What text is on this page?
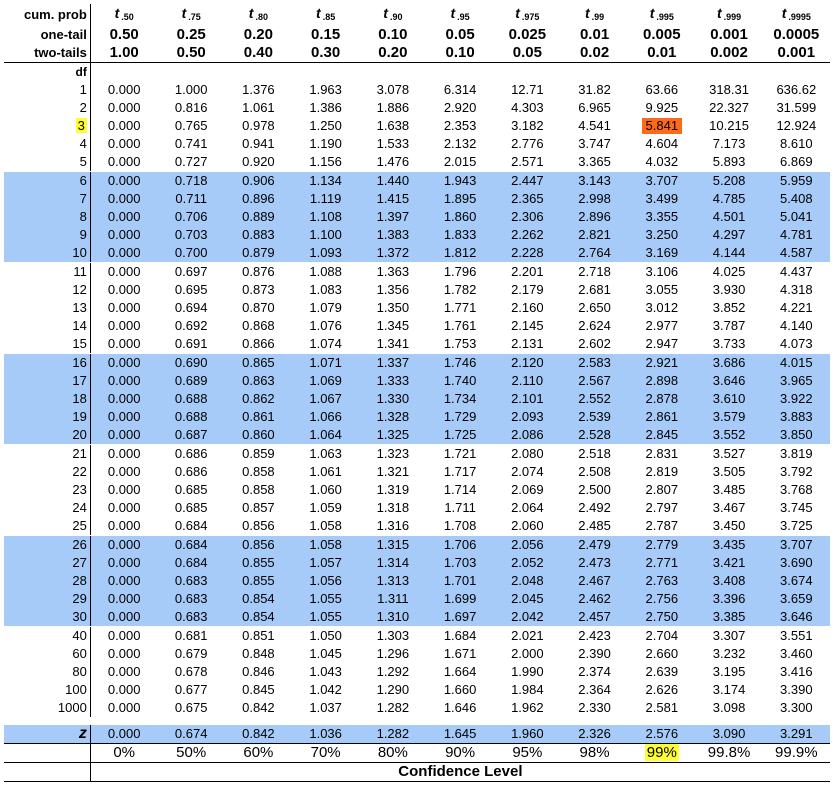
cum. prob	t $_{.50}$	t $_{.75}$	t $_{.80}$	t $_{.85}$	t $_{.90}$	t $_{.95}$	t $_{.975}$	t $_{.99}$	t $_{.995}$	t $_{.999}$	t $_{.9995}$
one-tail	0.50	0.25	0.20	0.15	0.10	0.05	0.025	0.01	0.005	0.001	0.0005
two-tails	1.00	0.50	0.40	0.30	0.20	0.10	0.05	0.02	0.01	0.002	0.001
df											
1	0.000	1.000	1.376	1.963	3.078	6.314	12.71	31.82	63.66	318.31	636.62
2	0.000	0.816	1.061	1.386	1.886	2.920	4.303	6.965	9.925	22.327	31.599
3	0.000	0.765	0.978	1.250	1.638	2.353	3.182	4.541	5.841	10.215	12.924
4	0.000	0.741	0.941	1.190	1.533	2.132	2.776	3.747	4.604	7.173	8.610
5	0.000	0.727	0.920	1.156	1.476	2.015	2.571	3.365	4.032	5.893	6.869
6	0.000	0.718	0.906	1.134	1.440	1.943	2.447	3.143	3.707	5.208	5.959
7	0.000	0.711	0.896	1.119	1.415	1.895	2.365	2.998	3.499	4.785	5.408
8	0.000	0.706	0.889	1.108	1.397	1.860	2.306	2.896	3.355	4.501	5.041
9	0.000	0.703	0.883	1.100	1.383	1.833	2.262	2.821	3.250	4.297	4.781
10	0.000	0.700	0.879	1.093	1.372	1.812	2.228	2.764	3.169	4.144	4.587
11	0.000	0.697	0.876	1.088	1.363	1.796	2.201	2.718	3.106	4.025	4.437
12	0.000	0.695	0.873	1.083	1.356	1.782	2.179	2.681	3.055	3.930	4.318
13	0.000	0.694	0.870	1.079	1.350	1.771	2.160	2.650	3.012	3.852	4.221
14	0.000	0.692	0.868	1.076	1.345	1.761	2.145	2.624	2.977	3.787	4.140
15	0.000	0.691	0.866	1.074	1.341	1.753	2.131	2.602	2.947	3.733	4.073
16	0.000	0.690	0.865	1.071	1.337	1.746	2.120	2.583	2.921	3.686	4.015
17	0.000	0.689	0.863	1.069	1.333	1.740	2.110	2.567	2.898	3.646	3.965
18	0.000	0.688	0.862	1.067	1.330	1.734	2.101	2.552	2.878	3.610	3.922
19	0.000	0.688	0.861	1.066	1.328	1.729	2.093	2.539	2.861	3.579	3.883
20	0.000	0.687	0.860	1.064	1.325	1.725	2.086	2.528	2.845	3.552	3.850
21	0.000	0.686	0.859	1.063	1.323	1.721	2.080	2.518	2.831	3.527	3.819
22	0.000	0.686	0.858	1.061	1.321	1.717	2.074	2.508	2.819	3.505	3.792
23	0.000	0.685	0.858	1.060	1.319	1.714	2.069	2.500	2.807	3.485	3.768
24	0.000	0.685	0.857	1.059	1.318	1.711	2.064	2.492	2.797	3.467	3.745
25	0.000	0.684	0.856	1.058	1.316	1.708	2.060	2.485	2.787	3.450	3.725
26	0.000	0.684	0.856	1.058	1.315	1.706	2.056	2.479	2.779	3.435	3.707
27	0.000	0.684	0.855	1.057	1.314	1.703	2.052	2.473	2.771	3.421	3.690
28	0.000	0.683	0.855	1.056	1.313	1.701	2.048	2.467	2.763	3.408	3.674
29	0.000	0.683	0.854	1.055	1.311	1.699	2.045	2.462	2.756	3.396	3.659
30	0.000	0.683	0.854	1.055	1.310	1.697	2.042	2.457	2.750	3.385	3.646
40	0.000	0.681	0.851	1.050	1.303	1.684	2.021	2.423	2.704	3.307	3.551
60	0.000	0.679	0.848	1.045	1.296	1.671	2.000	2.390	2.660	3.232	3.460
80	0.000	0.678	0.846	1.043	1.292	1.664	1.990	2.374	2.639	3.195	3.416
100	0.000	0.677	0.845	1.042	1.290	1.660	1.984	2.364	2.626	3.174	3.390
1000	0.000	0.675	0.842	1.037	1.282	1.646	1.962	2.330	2.581	3.098	3.300
z	0.000	0.674	0.842	1.036	1.282	1.645	1.960	2.326	2.576	3.090	3.291
	0%	50%	60%	70%	80%	90%	95%	98%	99%	99.8%	99.9%
	Confidence Level										
